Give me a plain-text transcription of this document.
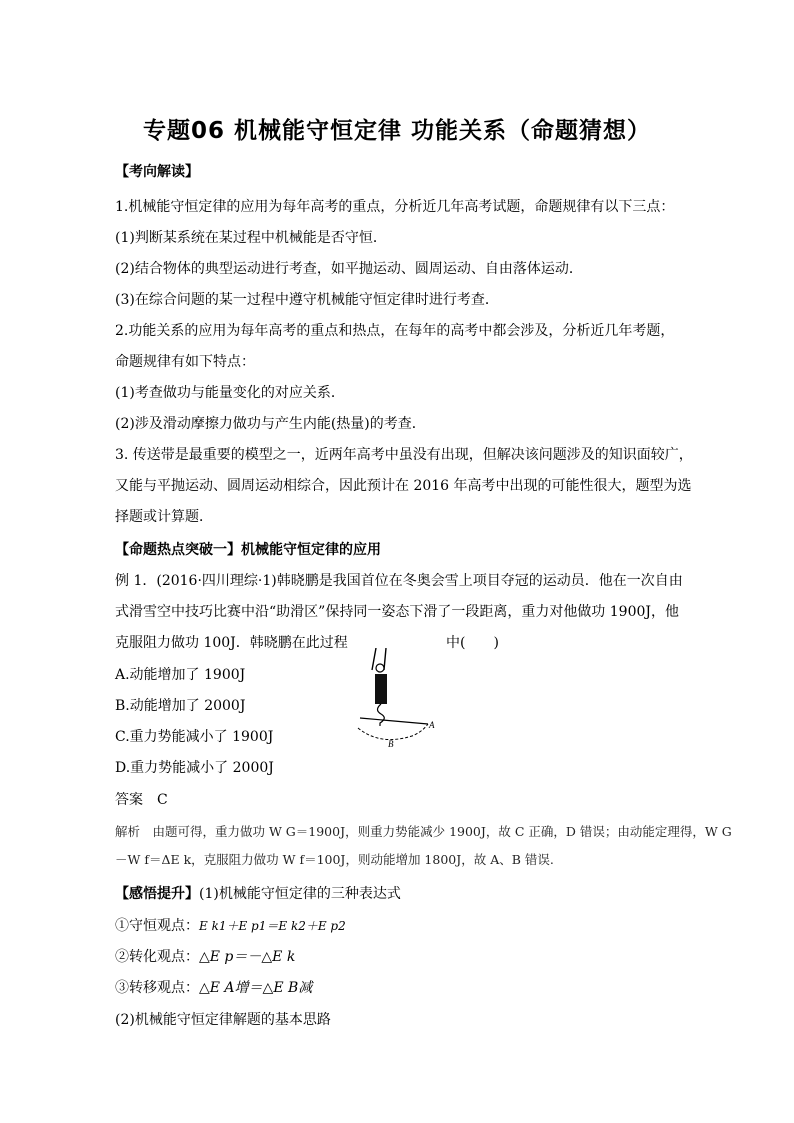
专题06 机械能守恒定律 功能关系（命题猜想）
【考向解读】
1.机械能守恒定律的应用为每年高考的重点，分析近几年高考试题，命题规律有以下三点：
(1)判断某系统在某过程中机械能是否守恒．
(2)结合物体的典型运动进行考查，如平抛运动、圆周运动、自由落体运动．
(3)在综合问题的某一过程中遵守机械能守恒定律时进行考查．
2.功能关系的应用为每年高考的重点和热点，在每年的高考中都会涉及，分析近几年考题，
命题规律有如下特点：
(1)考查做功与能量变化的对应关系．
(2)涉及滑动摩擦力做功与产生内能(热量)的考查．
3. 传送带是最重要的模型之一，近两年高考中虽没有出现，但解决该问题涉及的知识面较广，
又能与平抛运动、圆周运动相综合，因此预计在 2016 年高考中出现的可能性很大，题型为选
择题或计算题．
【命题热点突破一】机械能守恒定律的应用
例 1．(2016·四川理综·1)韩晓鹏是我国首位在冬奥会雪上项目夺冠的运动员．他在一次自由
式滑雪空中技巧比赛中沿“助滑区”保持同一姿态下滑了一段距离，重力对他做功 1900J，他
克服阻力做功 100J．韩晓鹏在此过程	中(　　)
A.动能增加了 1900J
B.动能增加了 2000J
C.重力势能减小了 1900J
D.重力势能减小了 2000J
A
B
答案　C
解析　由题可得，重力做功 W G＝1900J，则重力势能减少 1900J，故 C 正确，D 错误；由动能定理得，W G
－W f＝ΔE k，克服阻力做功 W f＝100J，则动能增加 1800J，故 A、B 错误.
【感悟提升】(1)机械能守恒定律的三种表达式
①守恒观点：E k1＋E p1＝E k2＋E p2
②转化观点：△E p＝－△E k
③转移观点：△E A增＝△E B减
(2)机械能守恒定律解题的基本思路
